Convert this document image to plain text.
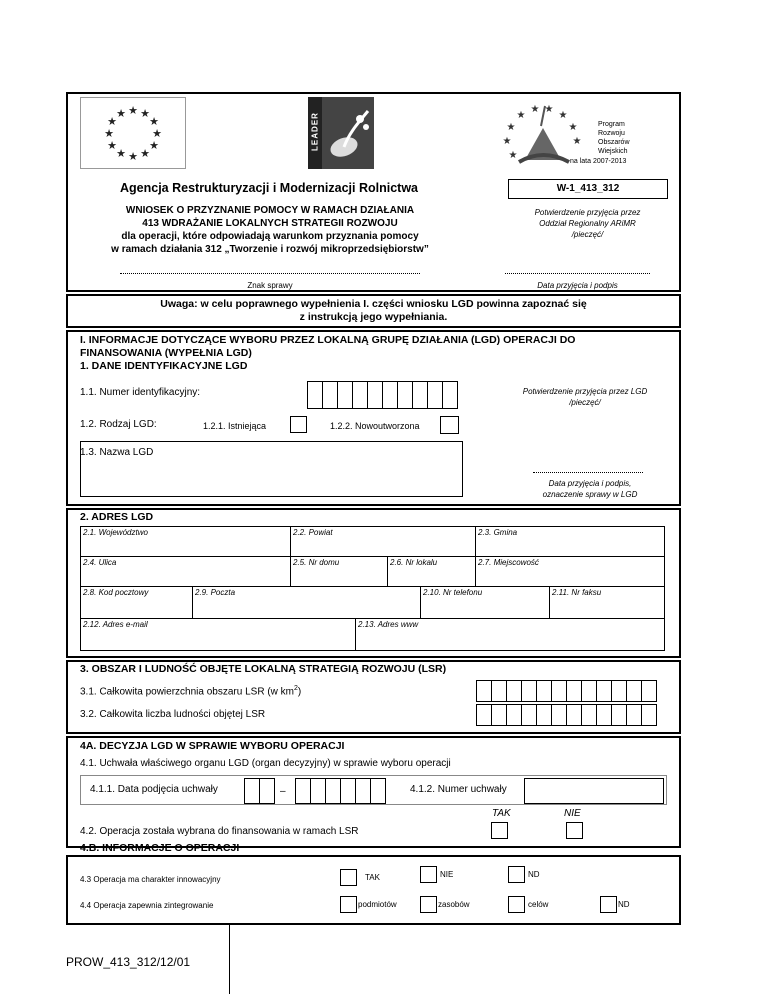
★ ★
★
★
★
★
★
★
★
★
★
★	LEADER
★
★
★
★
★
★
★
★
★
Program
Rozwoju
Obszarów
Wiejskich
na lata 2007-2013
Agencja Restrukturyzacji i Modernizacji Rolnictwa	W-1_413_312
WNIOSEK O PRZYZNANIE POMOCY W RAMACH DZIAŁANIA
413 WDRAŻANIE LOKALNYCH STRATEGII ROZWOJU
dla operacji, które odpowiadają warunkom przyznania pomocy
w ramach działania 312 „Tworzenie i rozwój mikroprzedsiębiorstw”
Potwierdzenie przyjęcia przez
Oddział Regionalny ARiMR
/pieczęć/
Znak sprawy	Data przyjęcia i podpis
Uwaga: w celu poprawnego wypełnienia I. części wniosku LGD powinna zapoznać się
z instrukcją jego wypełniania.
I. INFORMACJE DOTYCZĄCE WYBORU PRZEZ LOKALNĄ GRUPĘ DZIAŁANIA (LGD) OPERACJI DO
FINANSOWANIA (WYPEŁNIA LGD)
1. DANE IDENTYFIKACYJNE LGD
1.1. Numer identyfikacyjny:	Potwierdzenie przyjęcia przez LGD
/pieczęć/
1.2. Rodzaj LGD:	1.2.1. Istniejąca	1.2.2. Nowoutworzona
1.3. Nazwa LGD
Data przyjęcia i podpis,
oznaczenie sprawy w LGD
2. ADRES LGD
2.1. Województwo	2.2. Powiat	2.3. Gmina
2.4. Ulica	2.5. Nr domu	2.6. Nr lokalu	2.7. Miejscowość
2.8. Kod pocztowy	2.9. Poczta	2.10. Nr telefonu	2.11. Nr faksu
2.12. Adres e-mail	2.13. Adres www
3. OBSZAR I LUDNOŚĆ OBJĘTE LOKALNĄ STRATEGIĄ ROZWOJU (LSR)
3.1. Całkowita powierzchnia obszaru LSR (w $km^2$)
3.2. Całkowita liczba ludności objętej LSR
4A. DECYZJA LGD W SPRAWIE WYBORU OPERACJI
4.1. Uchwała właściwego organu LGD (organ decyzyjny) w sprawie wyboru operacji
4.1.1. Data podjęcia uchwały	–	4.1.2. Numer uchwały
TAK	NIE
4.2. Operacja została wybrana do finansowania w ramach LSR
4.B. INFORMACJE O OPERACJI
4.3 Operacja ma charakter innowacyjny	TAK	NIE	ND
4.4 Operacja zapewnia zintegrowanie	podmiotów	zasobów	celów	ND
PROW_413_312/12/01
